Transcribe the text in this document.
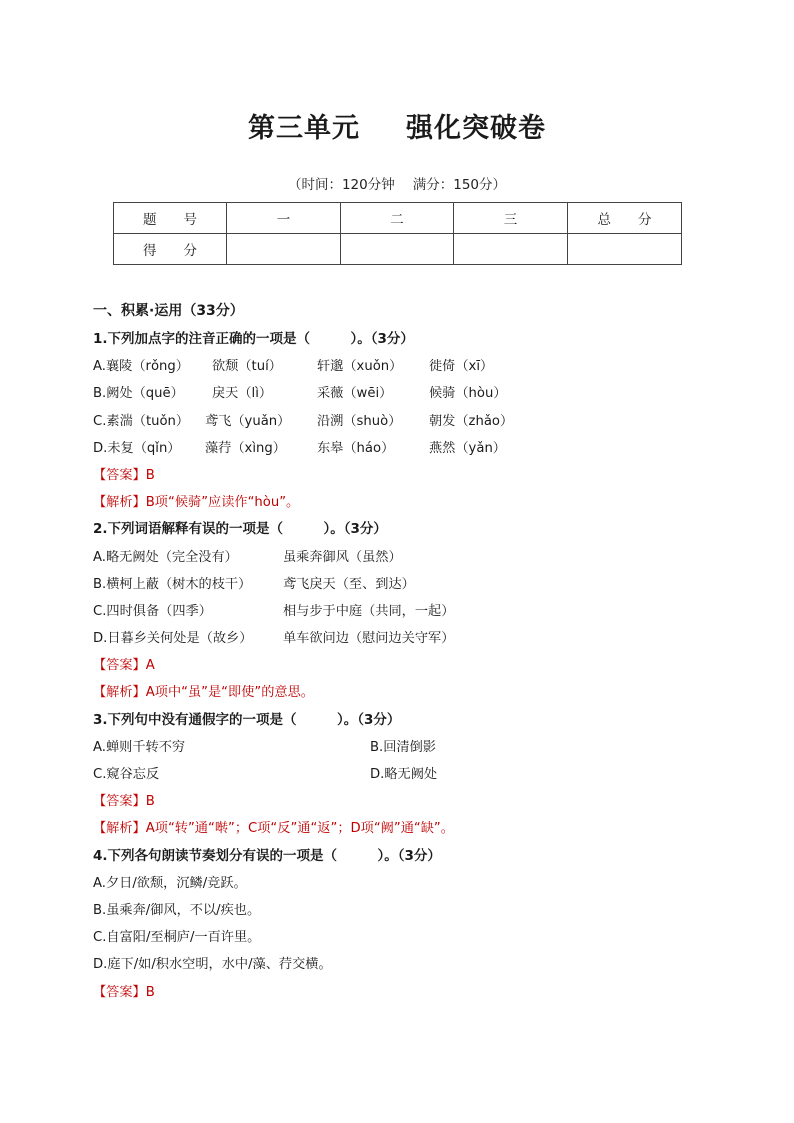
第三单元 强化突破卷
（时间：120分钟 满分：150分）
题　　号	一	二	三	总　　分
得　　分				
一、积累·运用（33分）
1.下列加点字的注音正确的一项是（　　　）。（3分）
A.襄陵（rǒng） 欲颓（tuí）	轩邈（xuǒn） 徙倚（xī）
B.阙处（quē） 戾天（lì）	采薇（wēi）	候骑（hòu）
C.素湍（tuǒn） 鸢飞（yuǎn） 沿溯（shuò） 朝发（zhǎo）
D.未复（qǐn） 藻荇（xìng） 东皋（háo）	燕然（yǎn）
【答案】B
【解析】B项“候骑”应读作“hòu”。
2.下列词语解释有误的一项是（　　　）。（3分）
A.略无阙处（完全没有）	虽乘奔御风（虽然）
B.横柯上蔽（树木的枝干） 鸢飞戾天（至、到达）
C.四时俱备（四季）	相与步于中庭（共同，一起）
D.日暮乡关何处是（故乡） 单车欲问边（慰问边关守军）
【答案】A
【解析】A项中“虽”是“即使”的意思。
3.下列句中没有通假字的一项是（　　　）。（3分）
A.蝉则千转不穷	B.回清倒影
C.窥谷忘反	D.略无阙处
【答案】B
【解析】A项“转”通“啭”；C项“反”通“返”；D项“阙”通“缺”。
4.下列各句朗读节奏划分有误的一项是（　　　）。（3分）
A.夕日/欲颓，沉鳞/竞跃。
B.虽乘奔/御风，不以/疾也。
C.自富阳/至桐庐/一百许里。
D.庭下/如/积水空明，水中/藻、荇交横。
【答案】B
